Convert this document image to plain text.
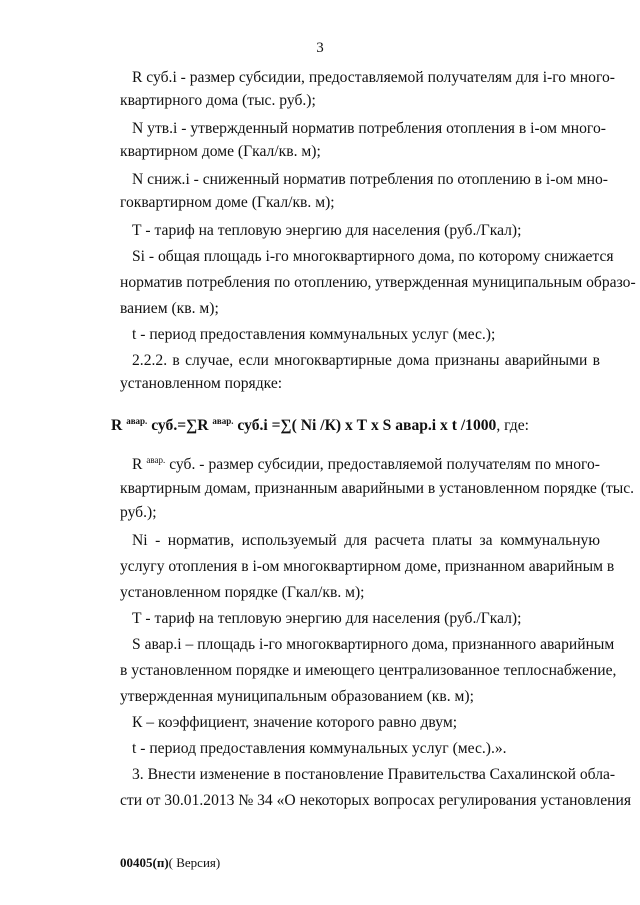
3
R суб.i - размер субсидии, предоставляемой получателям для i-го много-
квартирного дома (тыс. руб.);
N утв.i - утвержденный норматив потребления отопления в i-ом много-
квартирном доме (Гкал/кв. м);
N сниж.i - сниженный норматив потребления по отоплению в i-ом мно-
гоквартирном доме (Гкал/кв. м);
Т - тариф на тепловую энергию для населения (руб./Гкал);
Si - общая площадь i-го многоквартирного дома, по которому снижается
норматив потребления по отоплению, утвержденная муниципальным образо-
ванием (кв. м);
t - период предоставления коммунальных услуг (мес.);
2.2.2. в случае, если многоквартирные дома признаны аварийными в
установленном порядке:
R $^{авар.}$ суб.=∑R $^{авар.}$ суб.i =∑( Ni /К) х Т х S авар.i х t /1000, где:
R $^{авар.}$ суб. - размер субсидии, предоставляемой получателям по много-
квартирным домам, признанным аварийными в установленном порядке (тыс.
руб.);
Ni - норматив, используемый для расчета платы за коммунальную
услугу отопления в i-ом многоквартирном доме, признанном аварийным в
установленном порядке (Гкал/кв. м);
Т - тариф на тепловую энергию для населения (руб./Гкал);
S авар.i – площадь i-го многоквартирного дома, признанного аварийным
в установленном порядке и имеющего централизованное теплоснабжение,
утвержденная муниципальным образованием (кв. м);
К – коэффициент, значение которого равно двум;
t - период предоставления коммунальных услуг (мес.).».
3. Внести изменение в постановление Правительства Сахалинской обла-
сти от 30.01.2013 № 34 «О некоторых вопросах регулирования установления
00405(п)( Версия)
